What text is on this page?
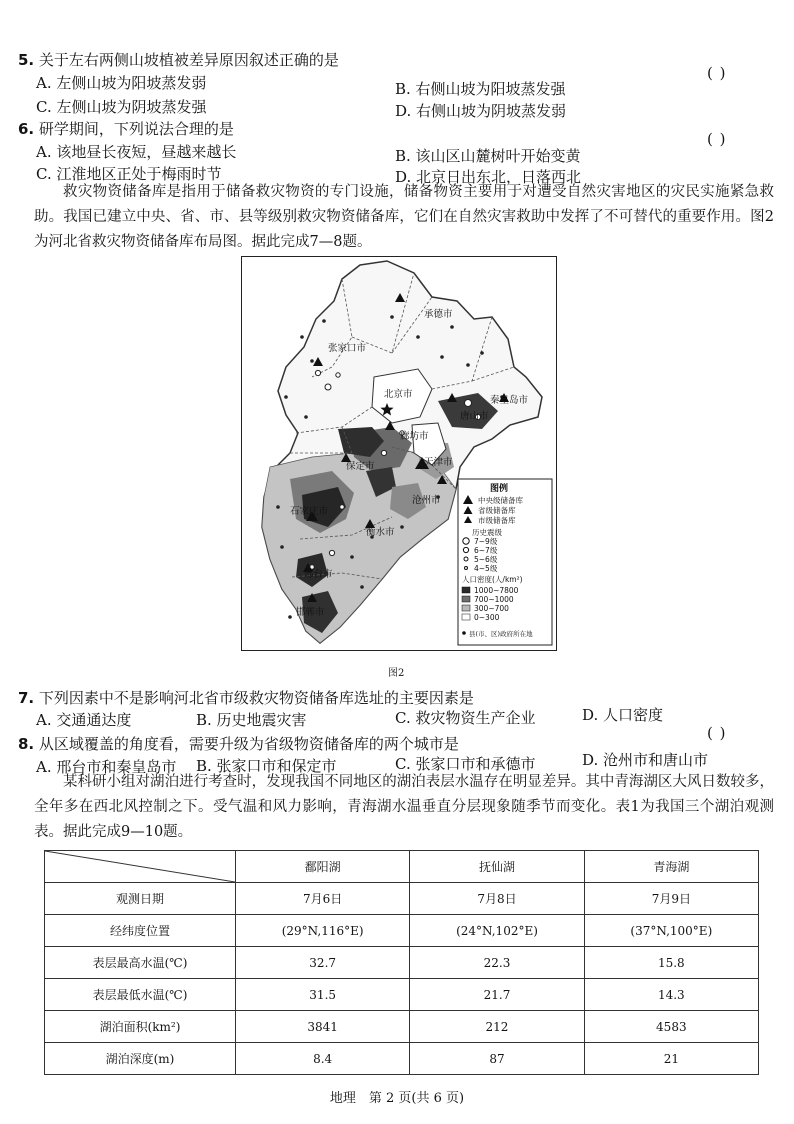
5. 关于左右两侧山坡植被差异原因叙述正确的是
( )
A. 左侧山坡为阳坡蒸发弱	B. 右侧山坡为阳坡蒸发强
C. 左侧山坡为阴坡蒸发强	D. 右侧山坡为阴坡蒸发弱
6. 研学期间，下列说法合理的是
( )
A. 该地昼长夜短，昼越来越长	B. 该山区山麓树叶开始变黄
C. 江淮地区正处于梅雨时节	D. 北京日出东北，日落西北
救灾物资储备库是指用于储备救灾物资的专门设施，储备物资主要用于对遭受自然灾害地区的灾民实施紧急救助。我国已建立中央、省、市、县等级别救灾物资储备库，它们在自然灾害救助中发挥了不可替代的重要作用。图2为河北省救灾物资储备库布局图。据此完成7—8题。
张家口市
承德市
北京市
秦皇岛市
唐山市
廊坊市
天津市
保定市
沧州市
石家庄市
衡水市
邢台市
邯郸市
图例
中央级储备库
省级储备库
市级储备库
历史震级
7~9级
6~7级
5~6级
4~5级
人口密度(人/km²)
1000~7800
700~1000
300~700
0~300
县(市、区)政府所在地
图2
7. 下列因素中不是影响河北省市级救灾物资储备库选址的主要因素是
A. 交通通达度	B. 历史地震灾害	C. 救灾物资生产企业	D. 人口密度
8. 从区域覆盖的角度看，需要升级为省级物资储备库的两个城市是
( )
A. 邢台市和秦皇岛市 B. 张家口市和保定市	C. 张家口市和承德市	D. 沧州市和唐山市
某科研小组对湖泊进行考查时，发现我国不同地区的湖泊表层水温存在明显差异。其中青海湖区大风日数较多，全年多在西北风控制之下。受气温和风力影响，青海湖水温垂直分层现象随季节而变化。表1为我国三个湖泊观测表。据此完成9—10题。
	鄱阳湖	抚仙湖	青海湖
观测日期	7月6日	7月8日	7月9日
经纬度位置	(29°N,116°E)	(24°N,102°E)	(37°N,100°E)
表层最高水温(℃)	32.7	22.3	15.8
表层最低水温(℃)	31.5	21.7	14.3
湖泊面积(km²)	3841	212	4583
湖泊深度(m)	8.4	87	21
地理　第 2 页(共 6 页)
